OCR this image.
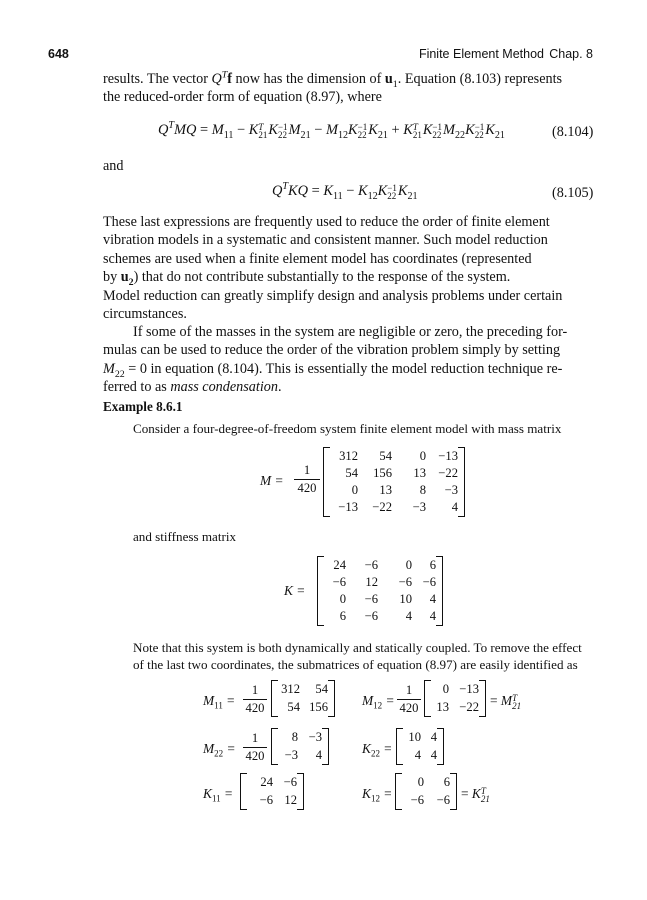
648	Finite Element Method Chap. 8
results. The vector $Q^Tf$ now has the dimension of $u_1$. Equation (8.103) represents
the reduced-order form of equation (8.97), where
$Q^TMQ = M_{11} - K$ T
21 K −1
22 $M_{21} - M_{12}K -1$
22 $K_{21} + K$ T
21 K −1
22 $M_{22}K -1$
22 $K_{21}$	(8.104)
and
$Q^TKQ = K_{11} - K_{12}K -1$
22 $K_{21}$	(8.105)
These last expressions are frequently used to reduce the order of finite element
vibration models in a systematic and consistent manner. Such model reduction
schemes are used when a finite element model has coordinates (represented
by $u_2$) that do not contribute substantially to the response of the system.
Model reduction can greatly simplify design and analysis problems under certain
circumstances.
If some of the masses in the system are negligible or zero, the preceding for-
mulas can be used to reduce the order of the vibration problem simply by setting
$M_{22} = 0$ in equation (8.104). This is essentially the model reduction technique re-
ferred to as mass condensation.
Example 8.6.1
Consider a four-degree-of-freedom system finite element model with mass matrix
M =
1
420
312 54 0 −13
54 156 13 −22
0 13 8 −3
−13 −22 −3 4
and stiffness matrix
K =
24 −6 0 6
−6 12 −6 −6
0 −6 10 4
6 −6 4 4
Note that this system is both dynamically and statically coupled. To remove the effect
of the last two coordinates, the submatrices of equation (8.97) are easily identified as
$M_{11}$ =
1
420
312 54
54 156	$M_{12}$ =
1
420
0 −13
13 −22 = M T
21
$M_{22}$ =
1
420
8 −3
−3 4	$K_{22}$ =
10 4
4 4
$K_{11}$ =
24 −6
−6 12	$K_{12}$ =
0 6
−6 −6 = K T
21
